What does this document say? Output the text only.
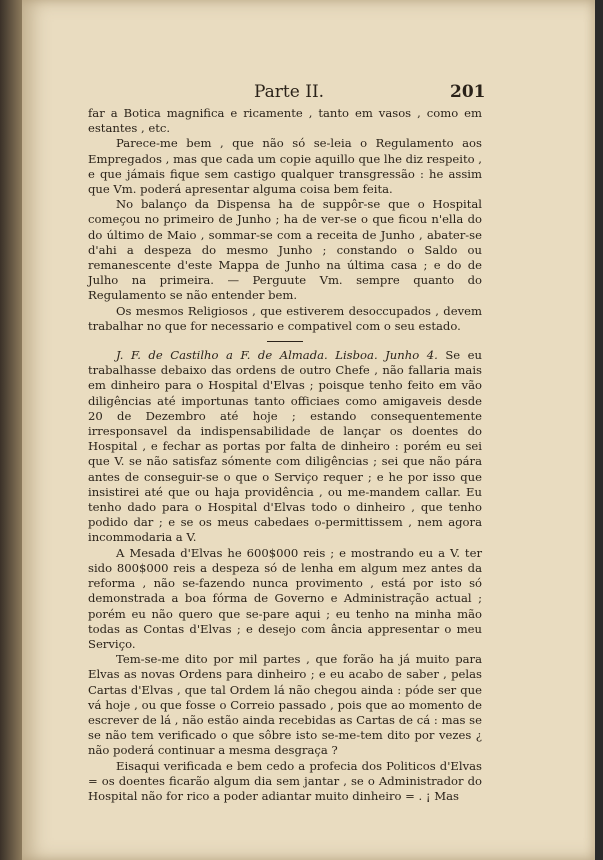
Parte II.	201

far a Botica magnifica e ricamente , tanto em vasos , como em estantes , etc.

Parece-me bem , que não só se-leia o Regulamento aos Empregados , mas que cada um copie aquillo que lhe diz respeito , e que jámais fique sem castigo qualquer transgressão : he assim que Vm. poderá apresentar alguma coisa bem feita.

No balanço da Dispensa ha de suppôr-se que o Hospital começou no primeiro de Junho ; ha de ver-se o que ficou n'ella do do último de Maio , sommar-se com a receita de Junho , abater-se d'ahi a despeza do mesmo Junho ; constando o Saldo ou remanescente d'este Mappa de Junho na última casa ; e do de Julho na primeira. — Perguute Vm. sempre quanto do Regulamento se não entender bem.

Os mesmos Religiosos , que estiverem desoccupados , devem trabalhar no que for necessario e compativel com o seu estado.

J. F. de Castilho a F. de Almada. Lisboa. Junho 4. Se eu trabalhasse debaixo das ordens de outro Chefe , não fallaria mais em dinheiro para o Hospital d'Elvas ; poisque tenho feito em vão diligências até importunas tanto officiaes como amigaveis desde 20 de Dezembro até hoje ; estando consequentemente irresponsavel da indispensabilidade de lançar os doentes do Hospital , e fechar as portas por falta de dinheiro : porém eu sei que V. se não satisfaz sómente com diligências ; sei que não pára antes de conseguir-se o que o Serviço requer ; e he por isso que insistirei até que ou haja providência , ou me-mandem callar. Eu tenho dado para o Hospital d'Elvas todo o dinheiro , que tenho podido dar ; e se os meus cabedaes o-permittissem , nem agora incommodaria a V.

A Mesada d'Elvas he 600$000 reis ; e mostrando eu a V. ter sido 800$000 reis a despeza só de lenha em algum mez antes da reforma , não se-fazendo nunca provimento , está por isto só demonstrada a boa fórma de Governo e Administração actual ; porém eu não quero que se-pare aqui ; eu tenho na minha mão todas as Contas d'Elvas ; e desejo com ância appresentar o meu Serviço.

Tem-se-me dito por mil partes , que forão ha já muito para Elvas as novas Ordens para dinheiro ; e eu acabo de saber , pelas Cartas d'Elvas , que tal Ordem lá não chegou ainda : póde ser que vá hoje , ou que fosse o Correio passado , pois que ao momento de escrever de lá , não estão ainda recebidas as Cartas de cá : mas se se não tem verificado o que sôbre isto se-me-tem dito por vezes ¿ não poderá continuar a mesma desgraça ?

Eisaqui verificada e bem cedo a profecia dos Politicos d'Elvas = os doentes ficarão algum dia sem jantar , se o Administrador do Hospital não for rico a poder adiantar muito dinheiro = . ¡ Mas
